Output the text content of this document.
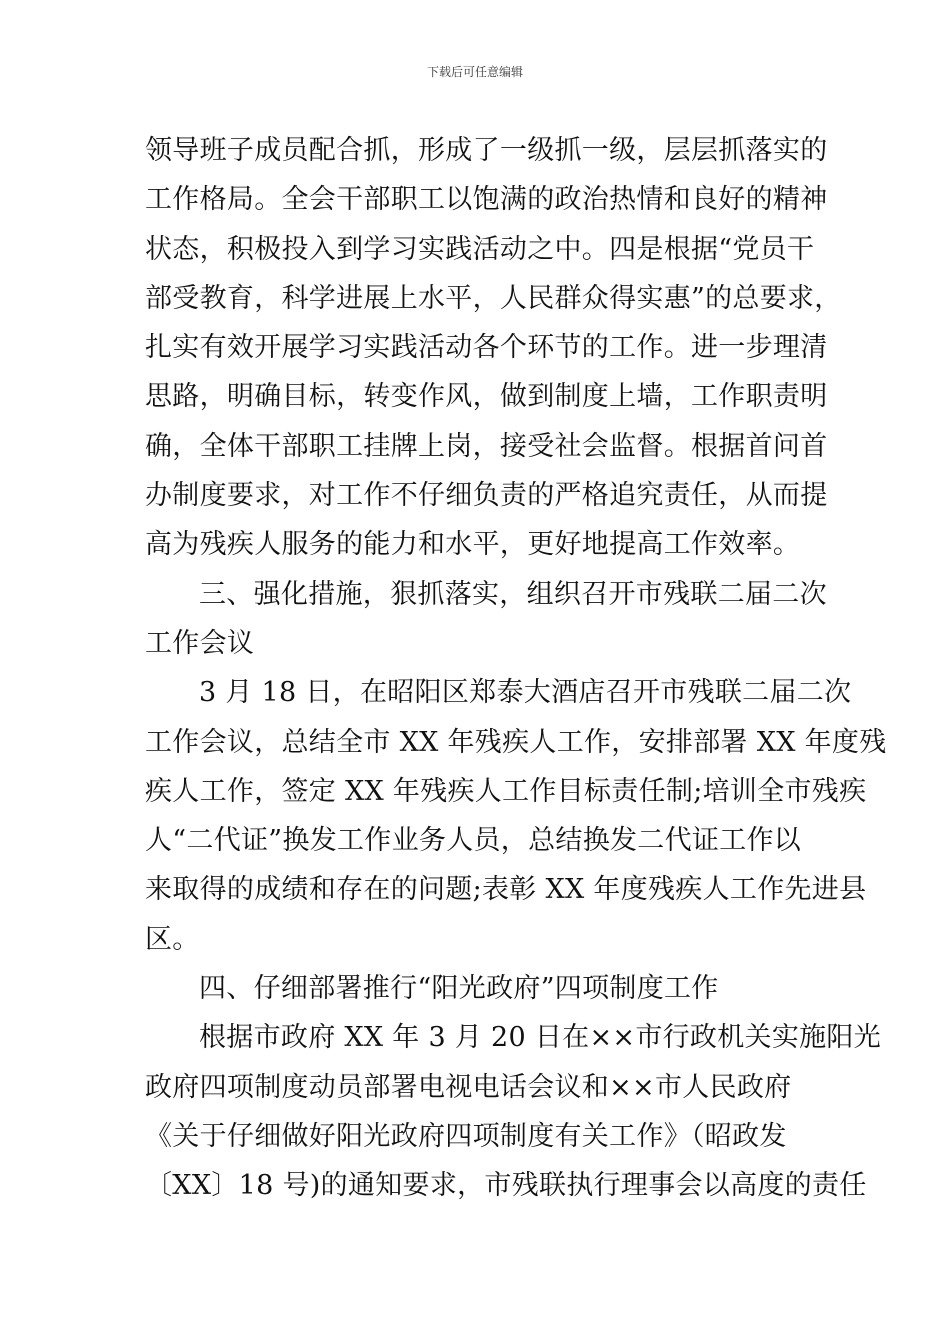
下载后可任意编辑
领导班子成员配合抓，形成了一级抓一级，层层抓落实的
工作格局。全会干部职工以饱满的政治热情和良好的精神
状态，积极投入到学习实践活动之中。四是根据“党员干
部受教育，科学进展上水平，人民群众得实惠”的总要求，
扎实有效开展学习实践活动各个环节的工作。进一步理清
思路，明确目标，转变作风，做到制度上墙，工作职责明
确，全体干部职工挂牌上岗，接受社会监督。根据首问首
办制度要求，对工作不仔细负责的严格追究责任，从而提
高为残疾人服务的能力和水平，更好地提高工作效率。
三、强化措施，狠抓落实，组织召开市残联二届二次
工作会议
3 月 18 日，在昭阳区郑泰大酒店召开市残联二届二次
工作会议，总结全市 XX 年残疾人工作，安排部署 XX 年度残
疾人工作，签定 XX 年残疾人工作目标责任制;培训全市残疾
人“二代证”换发工作业务人员，总结换发二代证工作以
来取得的成绩和存在的问题;表彰 XX 年度残疾人工作先进县
区。
四、仔细部署推行“阳光政府”四项制度工作
根据市政府 XX 年 3 月 20 日在××市行政机关实施阳光
政府四项制度动员部署电视电话会议和××市人民政府
《关于仔细做好阳光政府四项制度有关工作》（昭政发
〔XX〕18 号)的通知要求，市残联执行理事会以高度的责任
